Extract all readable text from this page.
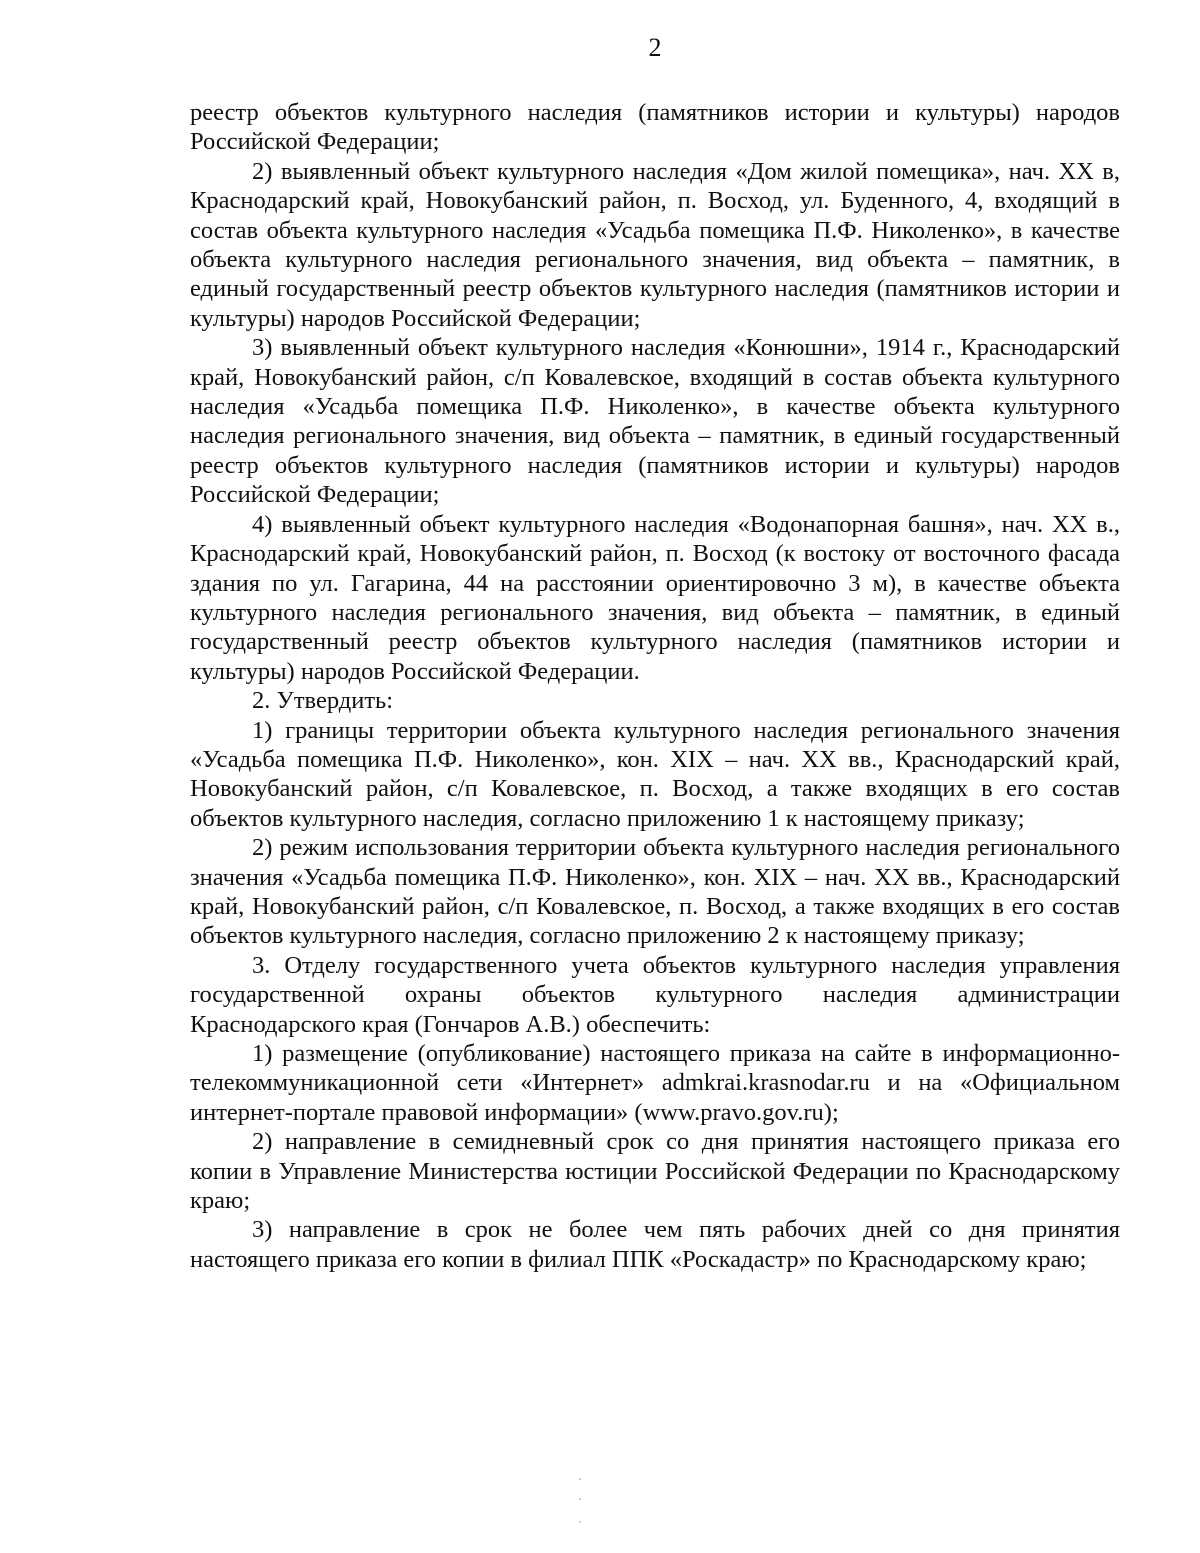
2

реестр объектов культурного наследия (памятников истории и культуры) народов Российской Федерации;

2) выявленный объект культурного наследия «Дом жилой помещика», нач. XX в, Краснодарский край, Новокубанский район, п. Восход, ул. Буденного, 4, входящий в состав объекта культурного наследия «Усадьба помещика П.Ф. Николенко», в качестве объекта культурного наследия регионального значения, вид объекта – памятник, в единый государственный реестр объектов культурного наследия (памятников истории и культуры) народов Российской Федерации;

3) выявленный объект культурного наследия «Конюшни», 1914 г., Краснодарский край, Новокубанский район, с/п Ковалевское, входящий в состав объекта культурного наследия «Усадьба помещика П.Ф. Николенко», в качестве объекта культурного наследия регионального значения, вид объекта – памятник, в единый государственный реестр объектов культурного наследия (памятников истории и культуры) народов Российской Федерации;

4) выявленный объект культурного наследия «Водонапорная башня», нач. XX в., Краснодарский край, Новокубанский район, п. Восход (к востоку от восточного фасада здания по ул. Гагарина, 44 на расстоянии ориентировочно 3 м), в качестве объекта культурного наследия регионального значения, вид объекта – памятник, в единый государственный реестр объектов культурного наследия (памятников истории и культуры) народов Российской Федерации.

2. Утвердить:

1) границы территории объекта культурного наследия регионального значения «Усадьба помещика П.Ф. Николенко», кон. XIX – нач. XX вв., Краснодарский край, Новокубанский район, с/п Ковалевское, п. Восход, а также входящих в его состав объектов культурного наследия, согласно приложению 1 к настоящему приказу;

2) режим использования территории объекта культурного наследия регионального значения «Усадьба помещика П.Ф. Николенко», кон. XIX – нач. XX вв., Краснодарский край, Новокубанский район, с/п Ковалевское, п. Восход, а также входящих в его состав объектов культурного наследия, согласно приложению 2 к настоящему приказу;

3. Отделу государственного учета объектов культурного наследия управления государственной охраны объектов культурного наследия администрации Краснодарского края (Гончаров А.В.) обеспечить:

1) размещение (опубликование) настоящего приказа на сайте в информационно-телекоммуникационной сети «Интернет» admkrai.krasnodar.ru и на «Официальном интернет-портале правовой информации» (www.pravo.gov.ru);

2) направление в семидневный срок со дня принятия настоящего приказа его копии в Управление Министерства юстиции Российской Федерации по Краснодарскому краю;

3) направление в срок не более чем пять рабочих дней со дня принятия настоящего приказа его копии в филиал ППК «Роскадастр» по Краснодарскому краю;
